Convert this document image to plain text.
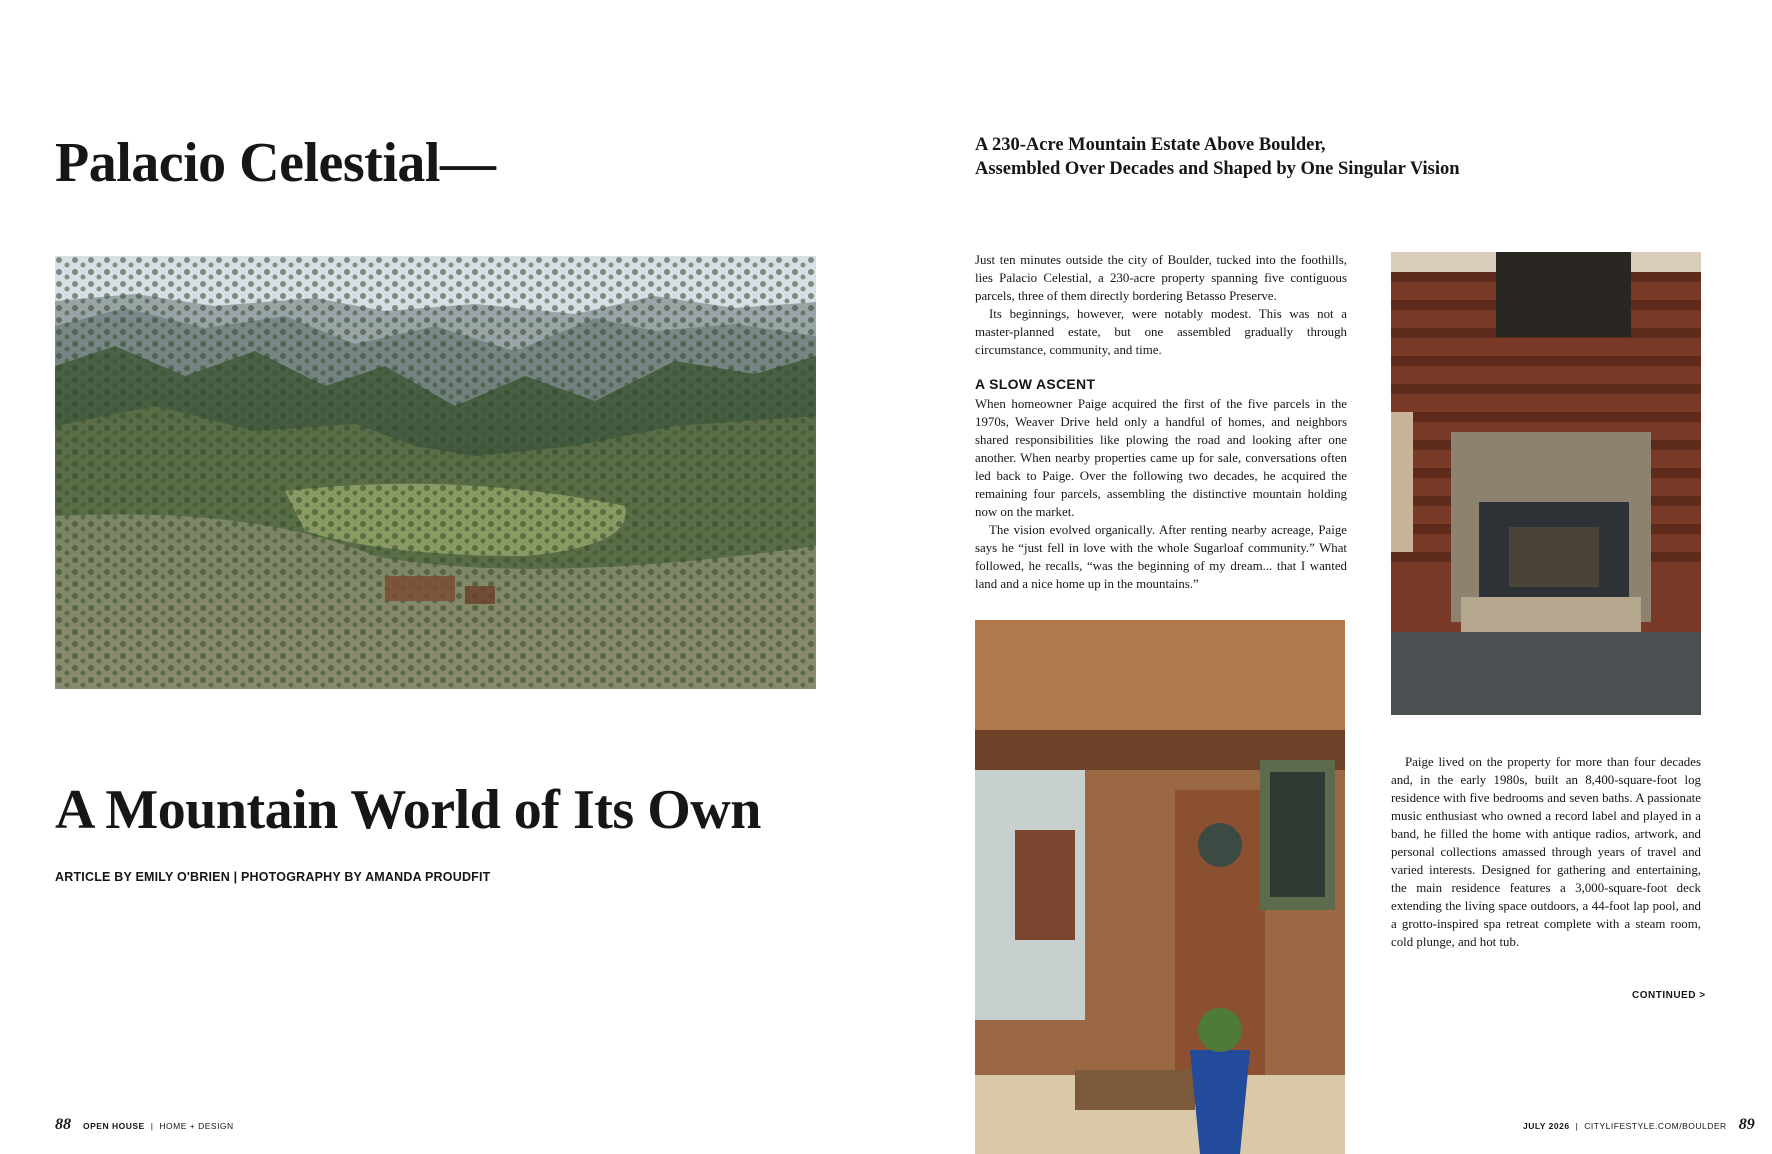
Palacio Celestial—
A Mountain World of Its Own
ARTICLE BY EMILY O'BRIEN | PHOTOGRAPHY BY AMANDA PROUDFIT
88 OPEN HOUSE | HOME + DESIGN
A 230-Acre Mountain Estate Above Boulder,
Assembled Over Decades and Shaped by One Singular Vision

Just ten minutes outside the city of Boulder, tucked into the foothills, lies Palacio Celestial, a 230-acre property spanning five contiguous parcels, three of them directly bordering Betasso Preserve.

Its beginnings, however, were notably modest. This was not a master-planned estate, but one assembled gradually through circumstance, community, and time.

A SLOW ASCENT

When homeowner Paige acquired the first of the five parcels in the 1970s, Weaver Drive held only a handful of homes, and neighbors shared responsibilities like plowing the road and looking after one another. When nearby properties came up for sale, conversations often led back to Paige. Over the following two decades, he acquired the remaining four parcels, assembling the distinctive mountain holding now on the market.

The vision evolved organically. After renting nearby acreage, Paige says he “just fell in love with the whole Sugarloaf community.” What followed, he recalls, “was the beginning of my dream... that I wanted land and a nice home up in the mountains.”

Paige lived on the property for more than four decades and, in the early 1980s, built an 8,400-square-foot log residence with five bedrooms and seven baths. A passionate music enthusiast who owned a record label and played in a band, he filled the home with antique radios, artwork, and personal collections amassed through years of travel and varied interests. Designed for gathering and entertaining, the main residence features a 3,000-square-foot deck extending the living space outdoors, a 44-foot lap pool, and a grotto-inspired spa retreat complete with a steam room, cold plunge, and hot tub.

CONTINUED >
JULY 2026 | CITYLIFESTYLE.COM/BOULDER 89
